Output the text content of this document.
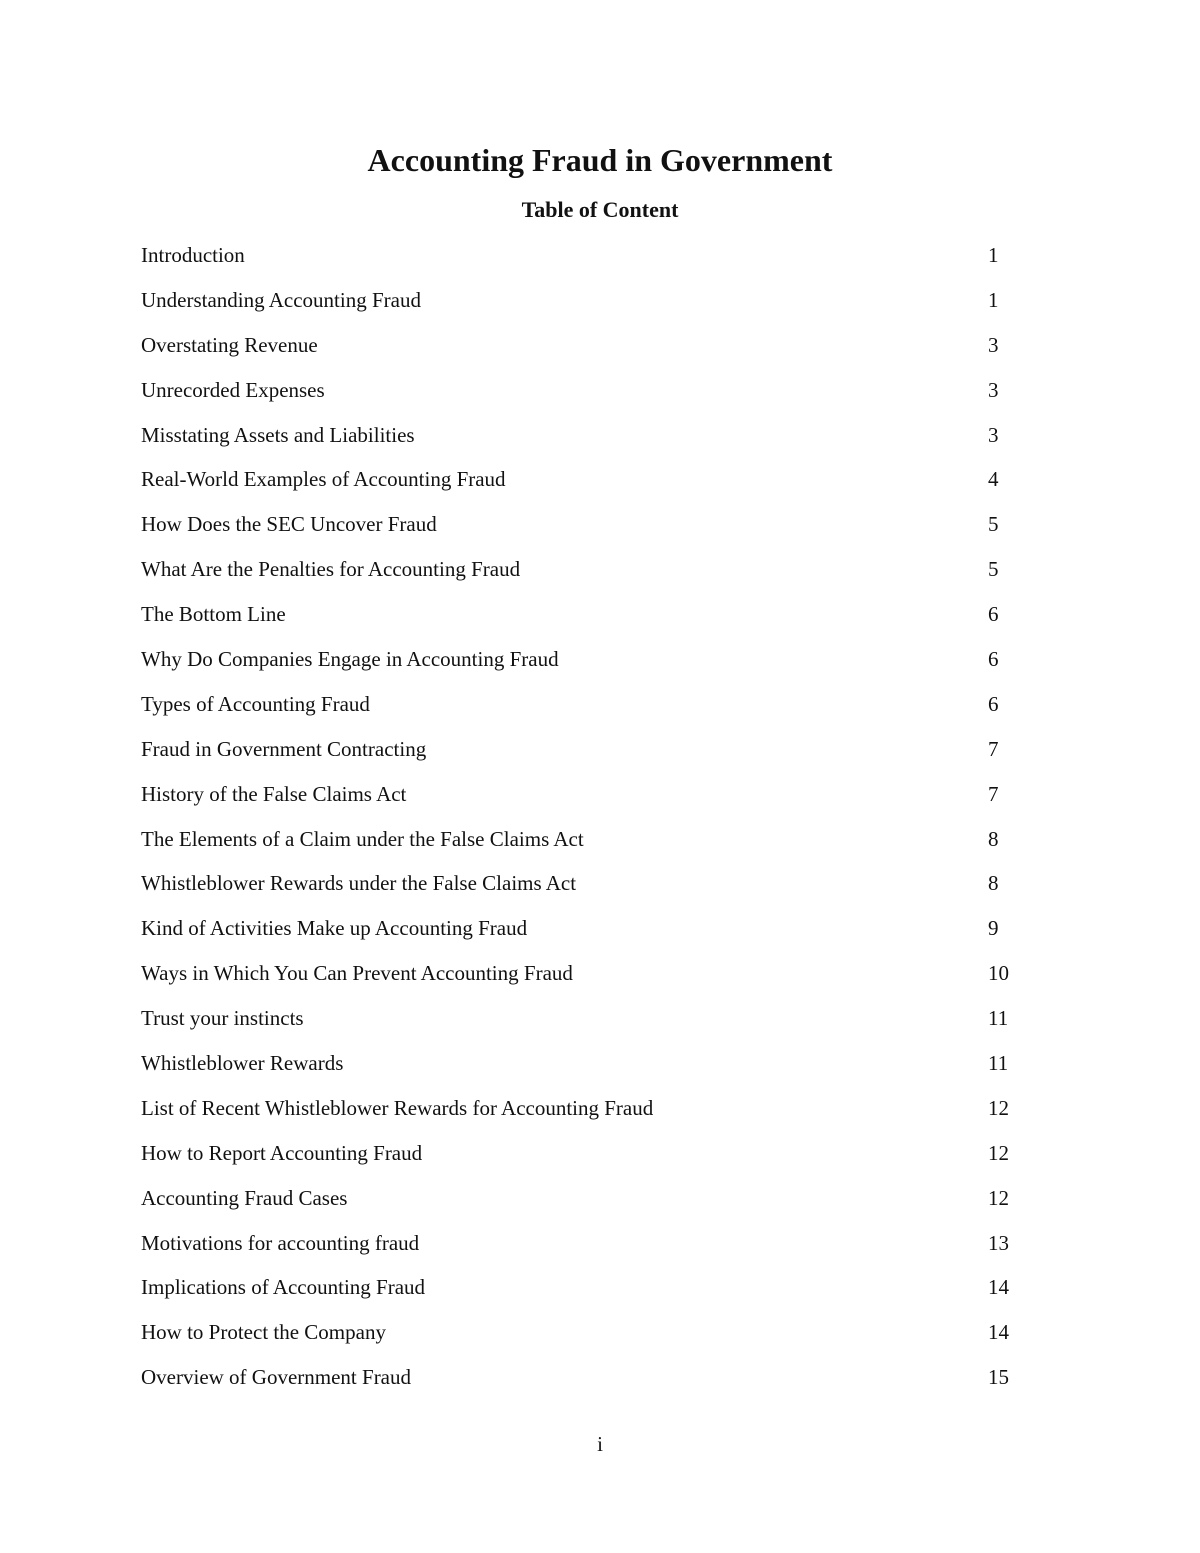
Accounting Fraud in Government
Table of Content
Introduction	1
Understanding Accounting Fraud	1
Overstating Revenue	3
Unrecorded Expenses	3
Misstating Assets and Liabilities	3
Real-World Examples of Accounting Fraud	4
How Does the SEC Uncover Fraud	5
What Are the Penalties for Accounting Fraud	5
The Bottom Line	6
Why Do Companies Engage in Accounting Fraud	6
Types of Accounting Fraud	6
Fraud in Government Contracting	7
History of the False Claims Act	7
The Elements of a Claim under the False Claims Act	8
Whistleblower Rewards under the False Claims Act	8
Kind of Activities Make up Accounting Fraud	9
Ways in Which You Can Prevent Accounting Fraud	10
Trust your instincts	11
Whistleblower Rewards	11
List of Recent Whistleblower Rewards for Accounting Fraud	12
How to Report Accounting Fraud	12
Accounting Fraud Cases	12
Motivations for accounting fraud	13
Implications of Accounting Fraud	14
How to Protect the Company	14
Overview of Government Fraud	15
i
